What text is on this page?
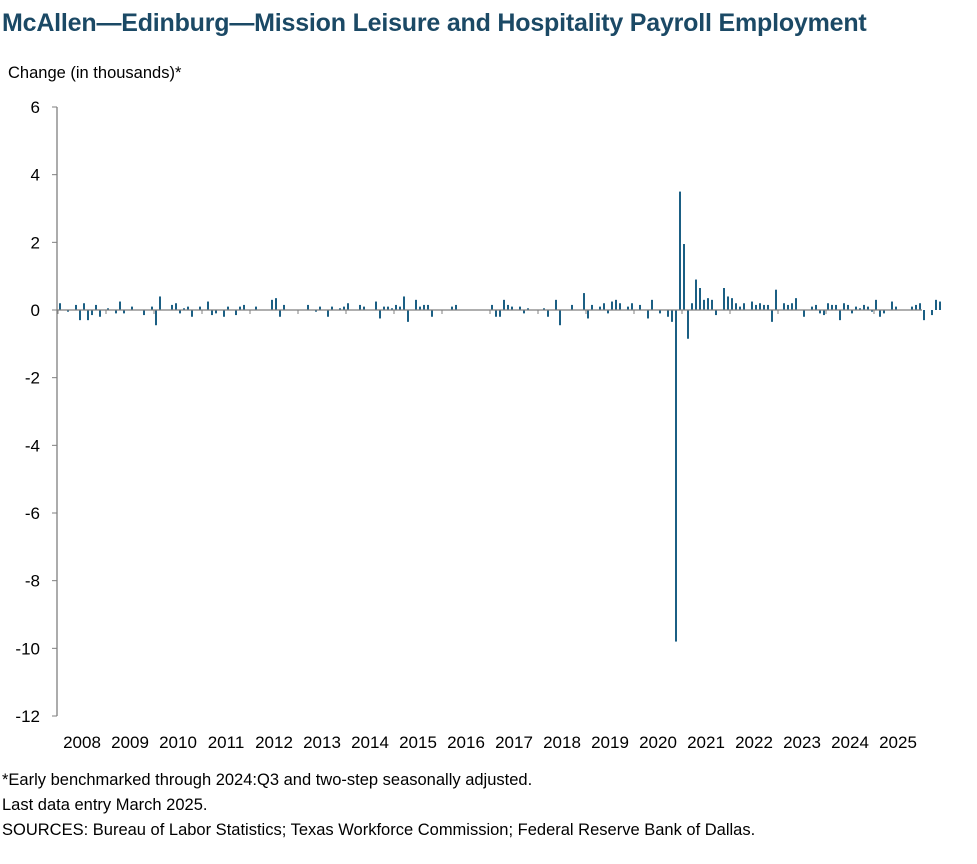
McAllen—Edinburg—Mission Leisure and Hospitality Payroll Employment
Change (in thousands)*
6
4
2
0
-2
-4
-6
-8
-10
-12
2008 2009 2010 2011 2012 2013 2014 2015 2016 2017 2018 2019 2020 2021 2022 2023 2024 2025
*Early benchmarked through 2024:Q3 and two-step seasonally adjusted.
Last data entry March 2025.
SOURCES: Bureau of Labor Statistics; Texas Workforce Commission; Federal Reserve Bank of Dallas.
